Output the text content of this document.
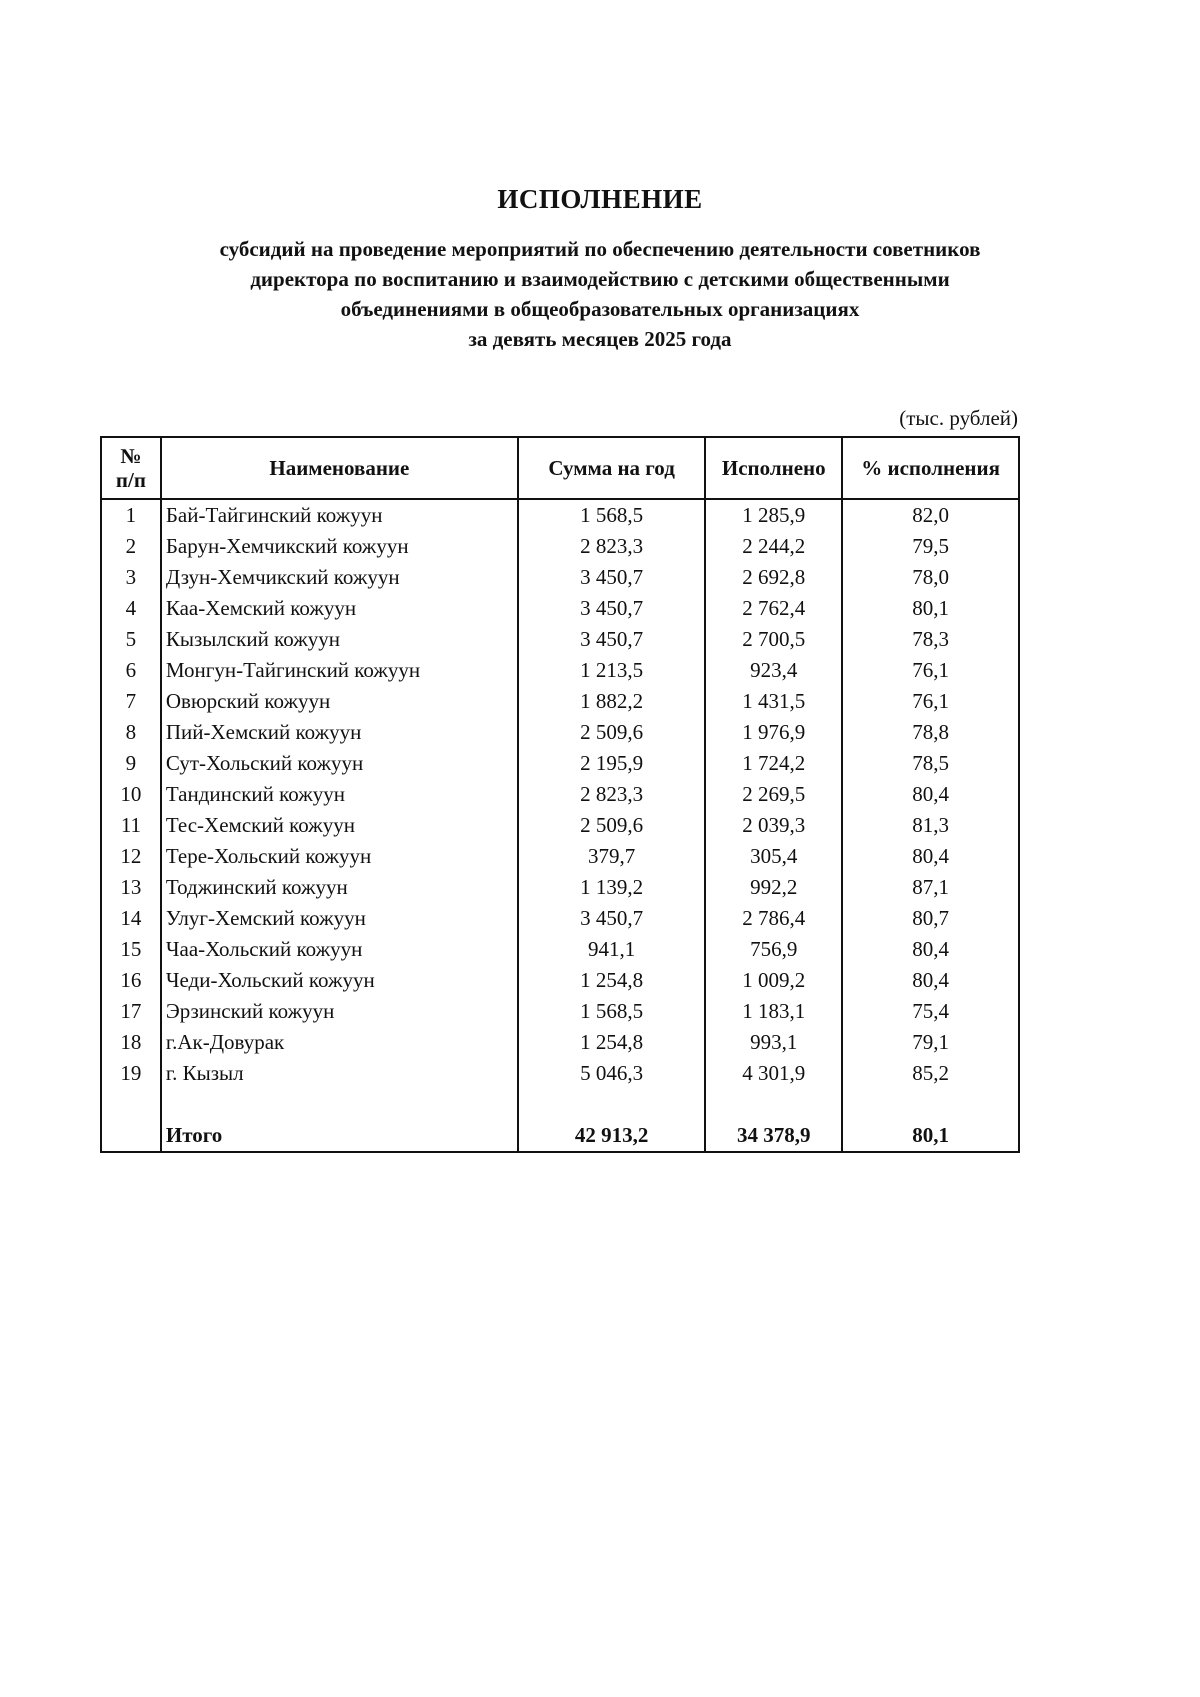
ИСПОЛНЕНИЕ
субсидий на проведение мероприятий по обеспечению деятельности советников
директора по воспитанию и взаимодействию с детскими общественными
объединениями в общеобразовательных организациях
за девять месяцев 2025 года
(тыс. рублей)
№
п/п	Наименование	Сумма на год	Исполнено	% исполнения
1	Бай-Тайгинский кожуун	1 568,5	1 285,9	82,0
2	Барун-Хемчикский кожуун	2 823,3	2 244,2	79,5
3	Дзун-Хемчикский кожуун	3 450,7	2 692,8	78,0
4	Каа-Хемский кожуун	3 450,7	2 762,4	80,1
5	Кызылский кожуун	3 450,7	2 700,5	78,3
6	Монгун-Тайгинский кожуун	1 213,5	923,4	76,1
7	Овюрский кожуун	1 882,2	1 431,5	76,1
8	Пий-Хемский кожуун	2 509,6	1 976,9	78,8
9	Сут-Хольский кожуун	2 195,9	1 724,2	78,5
10	Тандинский кожуун	2 823,3	2 269,5	80,4
11	Тес-Хемский кожуун	2 509,6	2 039,3	81,3
12	Тере-Хольский кожуун	379,7	305,4	80,4
13	Тоджинский кожуун	1 139,2	992,2	87,1
14	Улуг-Хемский кожуун	3 450,7	2 786,4	80,7
15	Чаа-Хольский кожуун	941,1	756,9	80,4
16	Чеди-Хольский кожуун	1 254,8	1 009,2	80,4
17	Эрзинский кожуун	1 568,5	1 183,1	75,4
18	г.Ак-Довурак	1 254,8	993,1	79,1
19	г. Кызыл	5 046,3	4 301,9	85,2

	Итого	42 913,2	34 378,9	80,1
